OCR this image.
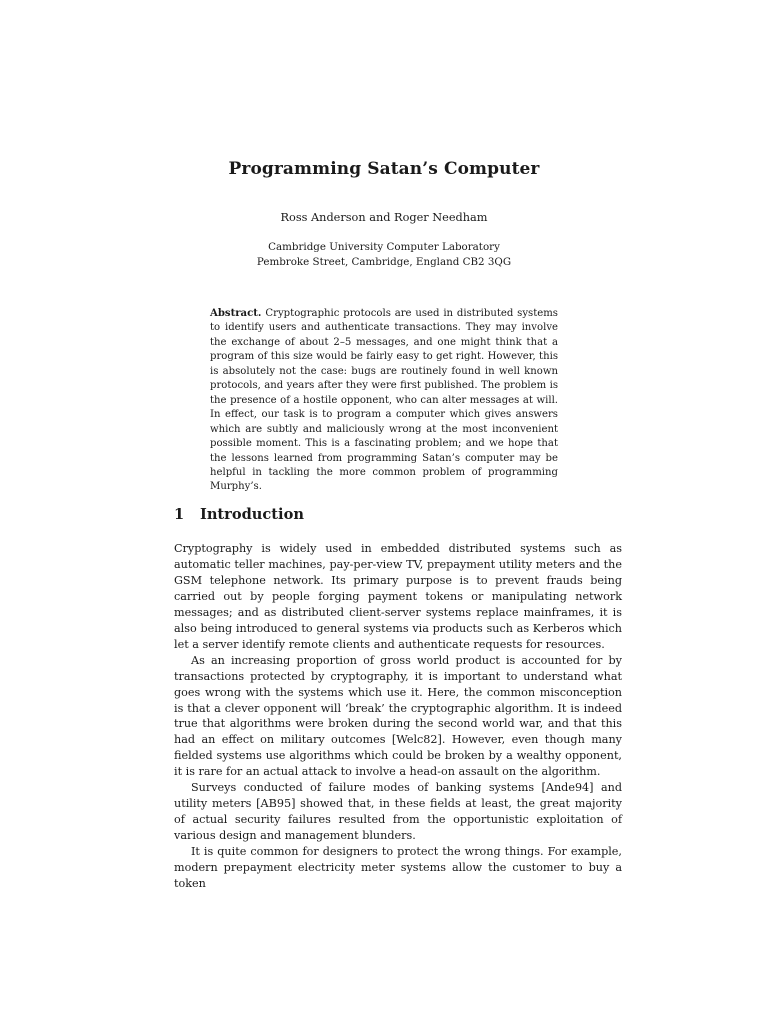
Programming Satan’s Computer
Ross Anderson and Roger Needham
Cambridge University Computer Laboratory
Pembroke Street, Cambridge, England CB2 3QG
Abstract. Cryptographic protocols are used in distributed systems to identify users and authenticate transactions. They may involve the exchange of about 2–5 messages, and one might think that a program of this size would be fairly easy to get right. However, this is absolutely not the case: bugs are routinely found in well known protocols, and years after they were first published. The problem is the presence of a hostile opponent, who can alter messages at will. In effect, our task is to program a computer which gives answers which are subtly and maliciously wrong at the most inconvenient possible moment. This is a fascinating problem; and we hope that the lessons learned from programming Satan’s computer may be helpful in tackling the more common problem of programming Murphy’s.
1 Introduction

Cryptography is widely used in embedded distributed systems such as automatic teller machines, pay-per-view TV, prepayment utility meters and the GSM telephone network. Its primary purpose is to prevent frauds being carried out by people forging payment tokens or manipulating network messages; and as distributed client-server systems replace mainframes, it is also being introduced to general systems via products such as Kerberos which let a server identify remote clients and authenticate requests for resources.

As an increasing proportion of gross world product is accounted for by transactions protected by cryptography, it is important to understand what goes wrong with the systems which use it. Here, the common misconception is that a clever opponent will ‘break’ the cryptographic algorithm. It is indeed true that algorithms were broken during the second world war, and that this had an effect on military outcomes [Welc82]. However, even though many fielded systems use algorithms which could be broken by a wealthy opponent, it is rare for an actual attack to involve a head-on assault on the algorithm.

Surveys conducted of failure modes of banking systems [Ande94] and utility meters [AB95] showed that, in these fields at least, the great majority of actual security failures resulted from the opportunistic exploitation of various design and management blunders.

It is quite common for designers to protect the wrong things. For example, modern prepayment electricity meter systems allow the customer to buy a token
